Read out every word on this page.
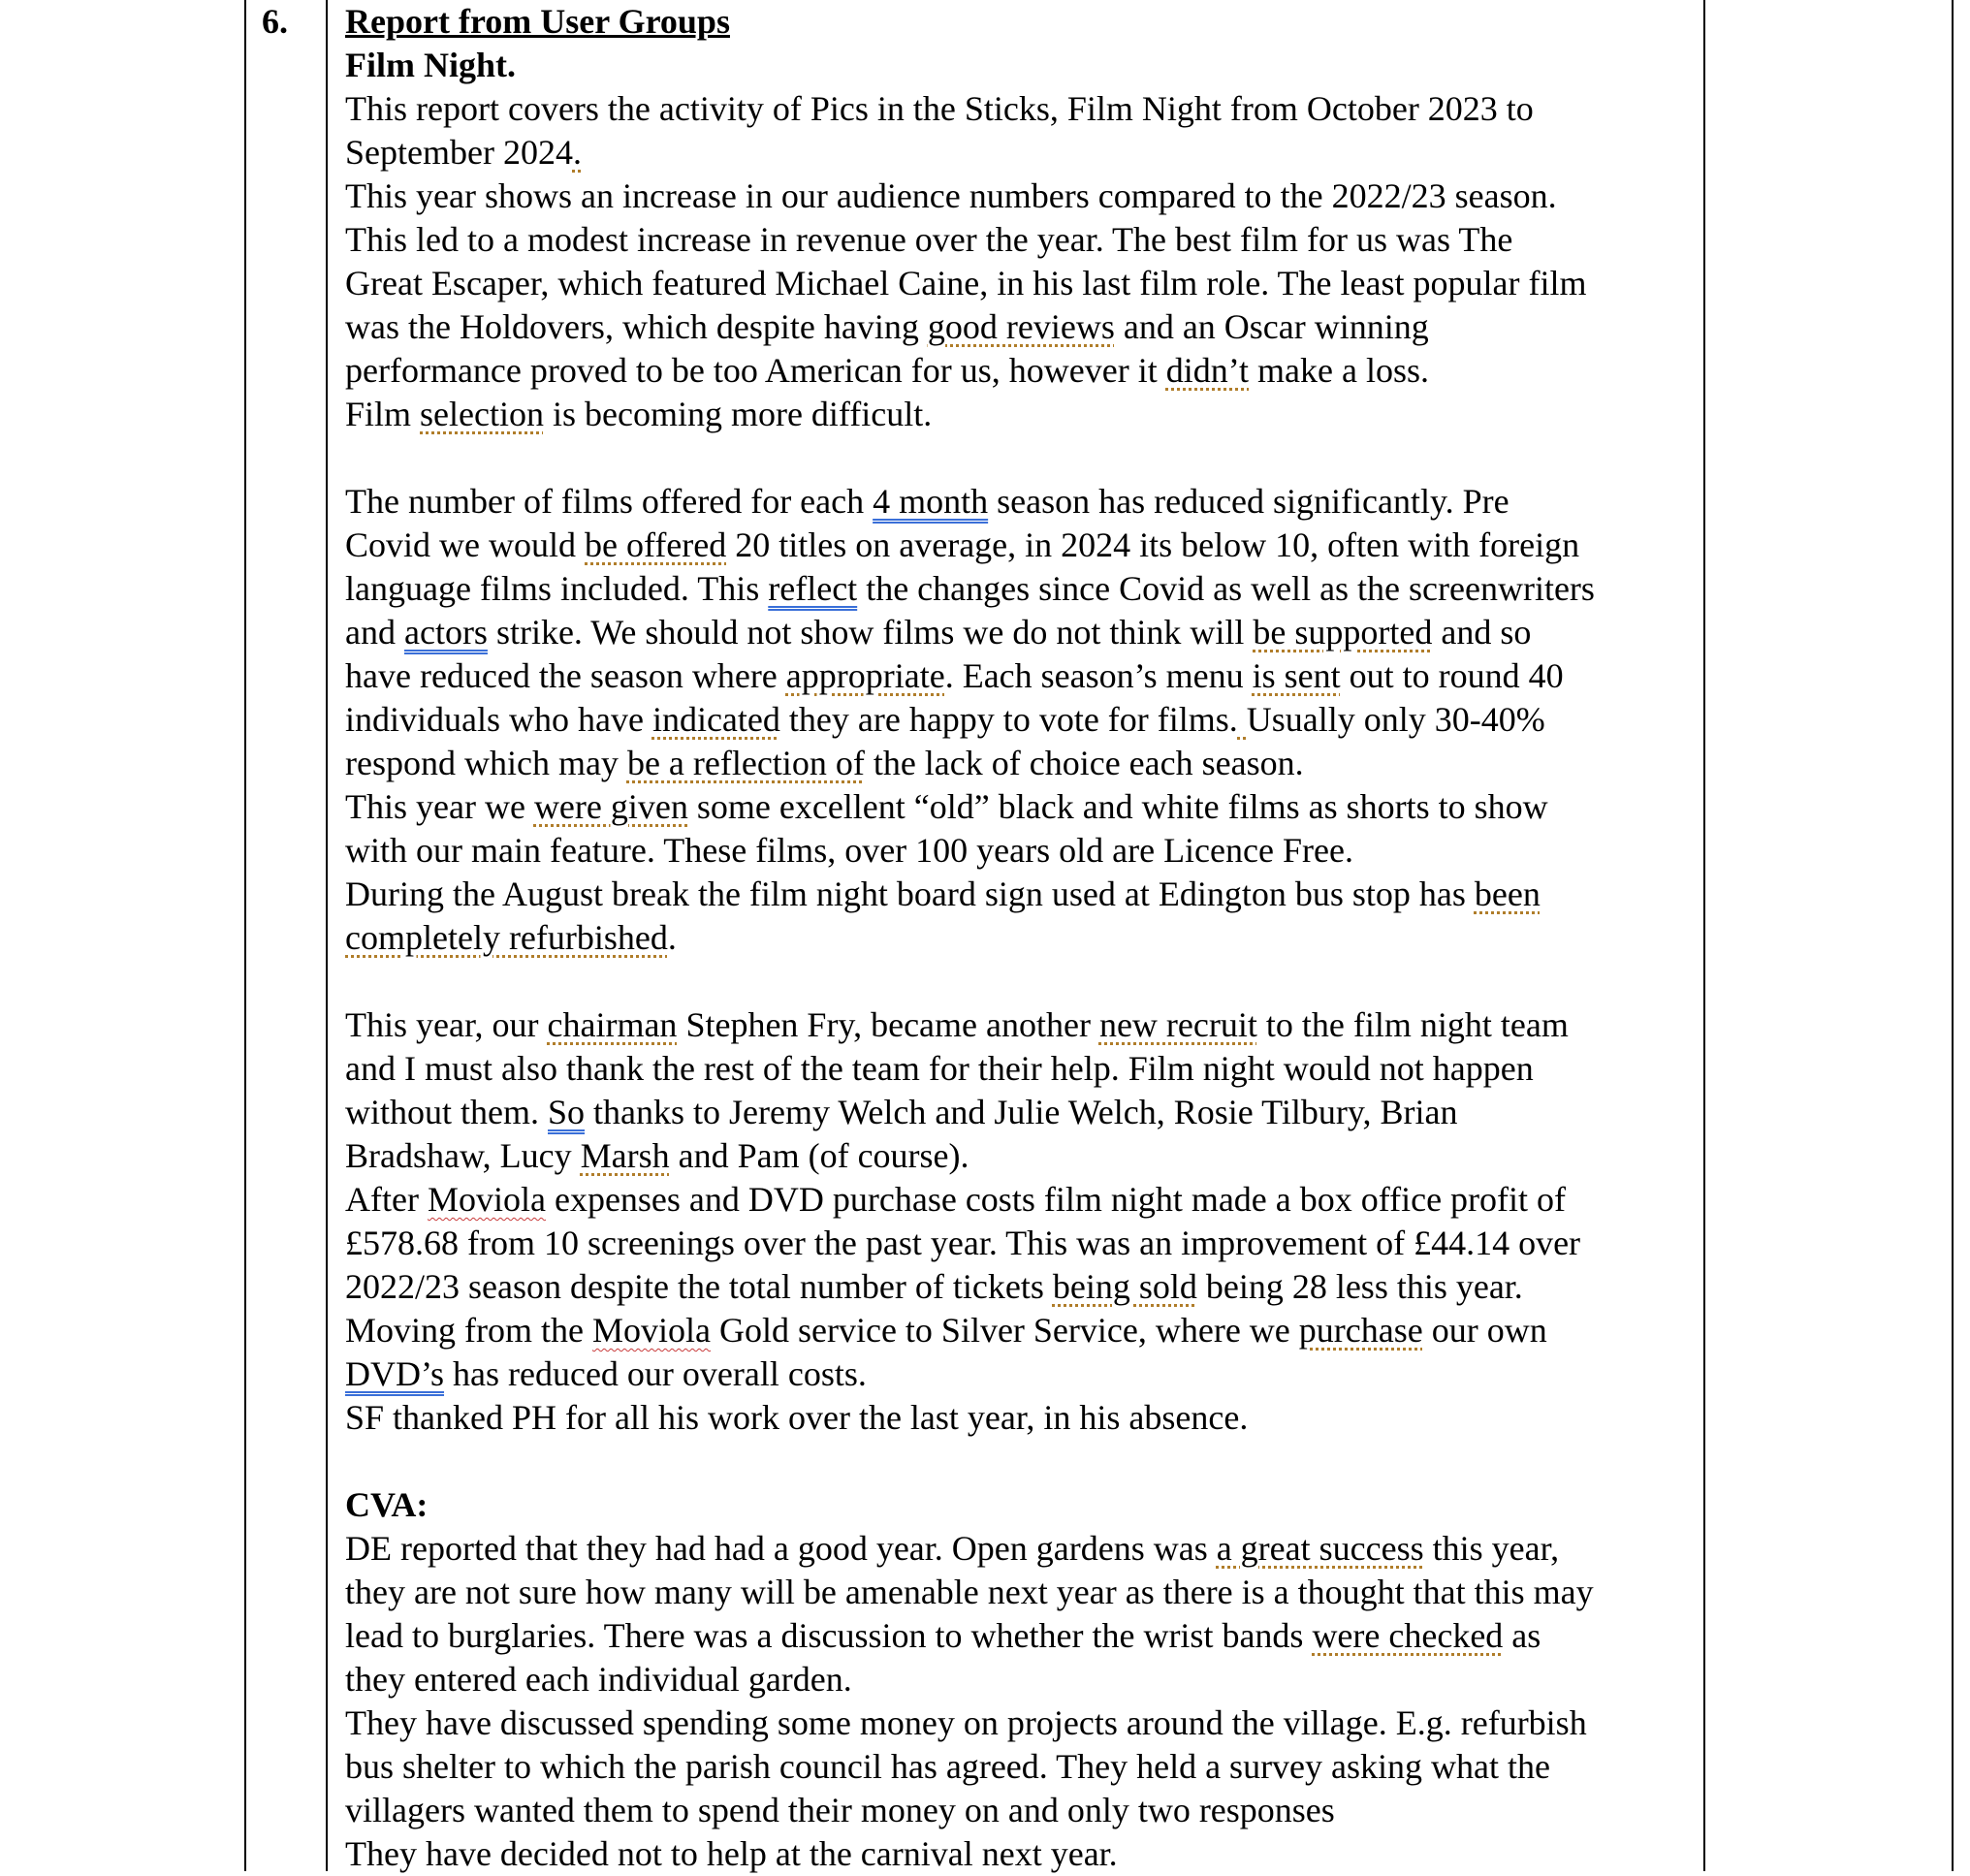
6. Report from User Groups
Film Night.
This report covers the activity of Pics in the Sticks, Film Night from October 2023 to
September 2024.
This year shows an increase in our audience numbers compared to the 2022/23 season.
This led to a modest increase in revenue over the year. The best film for us was The
Great Escaper, which featured Michael Caine, in his last film role. The least popular film
was the Holdovers, which despite having good reviews and an Oscar winning
performance proved to be too American for us, however it didn’t make a loss.
Film selection is becoming more difficult.
The number of films offered for each 4 month season has reduced significantly. Pre
Covid we would be offered 20 titles on average, in 2024 its below 10, often with foreign
language films included. This reflect the changes since Covid as well as the screenwriters
and actors strike. We should not show films we do not think will be supported and so
have reduced the season where appropriate. Each season’s menu is sent out to round 40
individuals who have indicated they are happy to vote for films. Usually only 30-40%
respond which may be a reflection of the lack of choice each season.
This year we were given some excellent “old” black and white films as shorts to show
with our main feature. These films, over 100 years old are Licence Free.
During the August break the film night board sign used at Edington bus stop has been
completely refurbished.
This year, our chairman Stephen Fry, became another new recruit to the film night team
and I must also thank the rest of the team for their help. Film night would not happen
without them. So thanks to Jeremy Welch and Julie Welch, Rosie Tilbury, Brian
Bradshaw, Lucy Marsh and Pam (of course).
After Moviola expenses and DVD purchase costs film night made a box office profit of
£578.68 from 10 screenings over the past year. This was an improvement of £44.14 over
2022/23 season despite the total number of tickets being sold being 28 less this year.
Moving from the Moviola Gold service to Silver Service, where we purchase our own
DVD’s has reduced our overall costs.
SF thanked PH for all his work over the last year, in his absence.
CVA:
DE reported that they had had a good year. Open gardens was a great success this year,
they are not sure how many will be amenable next year as there is a thought that this may
lead to burglaries. There was a discussion to whether the wrist bands were checked as
they entered each individual garden.
They have discussed spending some money on projects around the village. E.g. refurbish
bus shelter to which the parish council has agreed. They held a survey asking what the
villagers wanted them to spend their money on and only two responses
They have decided not to help at the carnival next year.
